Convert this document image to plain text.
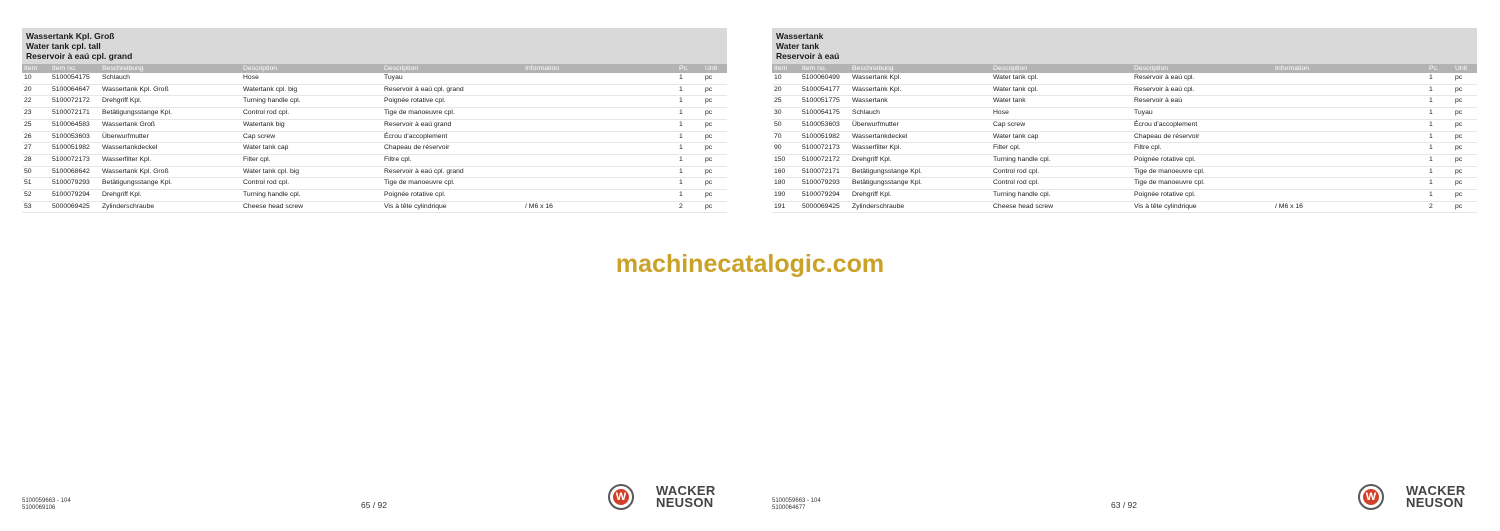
Wassertank Kpl. Groß
Water tank cpl. tall
Reservoir à eaú cpl. grand
Item	Item no.	Beschreibung	Description	Description	Information	Pc.	Unit
10	5100054175	Schlauch	Hose	Tuyau		1	pc
20	5100064647	Wassertank Kpl. Groß	Watertank cpl. big	Reservoir à eaú cpl. grand		1	pc
22	5100072172	Drehgriff Kpl.	Turning handle cpl.	Poignée rotative cpl.		1	pc
23	5100072171	Betätigungsstange Kpl.	Control rod cpl.	Tige de manoeuvre cpl.		1	pc
25	5100064583	Wassertank Groß	Watertank big	Reservoir à eaú grand		1	pc
26	5100053603	Überwurfmutter	Cap screw	Écrou d'accoplement		1	pc
27	5100051982	Wassertankdeckel	Water tank cap	Chapeau de réservoir		1	pc
28	5100072173	Wasserfilter Kpl.	Filter cpl.	Filtre cpl.		1	pc
50	5100068642	Wassertank Kpl. Groß	Water tank cpl. big	Reservoir à eaú cpl. grand		1	pc
51	5100079293	Betätigungsstange Kpl.	Control rod cpl.	Tige de manoeuvre cpl.		1	pc
52	5100079294	Drehgriff Kpl.	Turning handle cpl.	Poignée rotative cpl.		1	pc
53	5000069425	Zylinderschraube	Cheese head screw	Vis à tête cylindrique	/ M6 x 16	2	pc
Wassertank
Water tank
Reservoir à eaú
Item	Item no.	Beschreibung	Description	Description	Information	Pc.	Unit
10	5100060499	Wassertank Kpl.	Water tank cpl.	Reservoir à eaú cpl.		1	pc
20	5100054177	Wassertank Kpl.	Water tank cpl.	Reservoir à eaú cpl.		1	pc
25	5100051775	Wassertank	Water tank	Reservoir à eaú		1	pc
30	5100054175	Schlauch	Hose	Tuyau		1	pc
50	5100053603	Überwurfmutter	Cap screw	Écrou d'accoplement		1	pc
70	5100051982	Wassertankdeckel	Water tank cap	Chapeau de réservoir		1	pc
90	5100072173	Wasserfilter Kpl.	Filter cpl.	Filtre cpl.		1	pc
150	5100072172	Drehgriff Kpl.	Turning handle cpl.	Poignée rotative cpl.		1	pc
160	5100072171	Betätigungsstange Kpl.	Control rod cpl.	Tige de manoeuvre cpl.		1	pc
180	5100079293	Betätigungsstange Kpl.	Control rod cpl.	Tige de manoeuvre cpl.		1	pc
190	5100079294	Drehgriff Kpl.	Turning handle cpl.	Poignée rotative cpl.		1	pc
191	5000069425	Zylinderschraube	Cheese head screw	Vis à tête cylindrique	/ M6 x 16	2	pc
machinecatalogic.com
5100059663 - 104
5100069106	65 / 92
W WACKER
NEUSON	5100059663 - 104
5100064677	63 / 92
W WACKER
NEUSON
